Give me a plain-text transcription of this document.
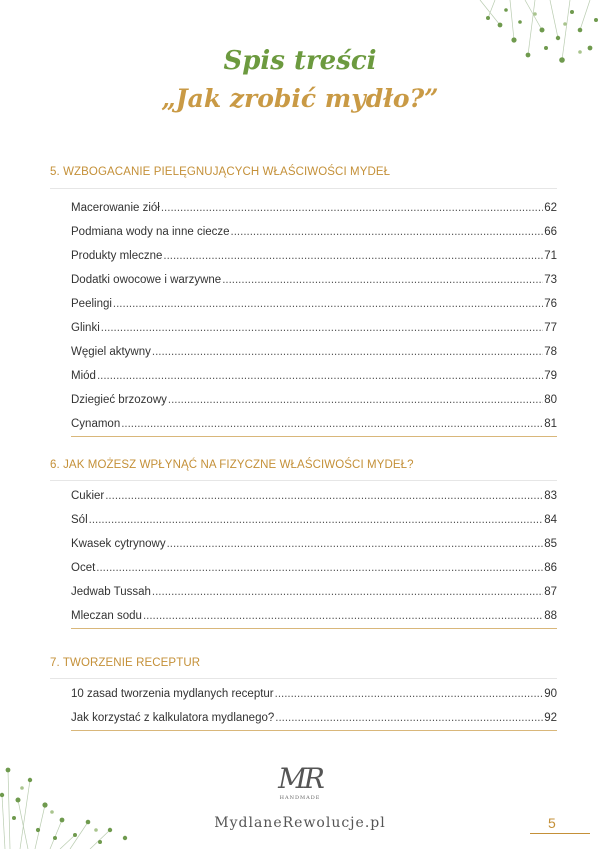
Spis treści
„Jak zrobić mydło?”
5. WZBOGACANIE PIELĘGNUJĄCYCH WŁAŚCIWOŚCI MYDEŁ
Macerowanie ziół .....	62
Podmiana wody na inne ciecze .....	66
Produkty mleczne .....	71
Dodatki owocowe i warzywne .....	73
Peelingi .....	76
Glinki .....	77
Węgiel aktywny .....	78
Miód .....	79
Dziegieć brzozowy .....	80
Cynamon .....	81
6. JAK MOŻESZ WPŁYNĄĆ NA FIZYCZNE WŁAŚCIWOŚCI MYDEŁ?
Cukier .....	83
Sól .....	84
Kwasek cytrynowy .....	85
Ocet .....	86
Jedwab Tussah .....	87
Mleczan sodu .....	88
7. TWORZENIE RECEPTUR
10 zasad tworzenia mydlanych receptur .....	90
Jak korzystać z kalkulatora mydlanego? .....	92
MR
HANDMADE
MydlaneRewolucje.pl	5
